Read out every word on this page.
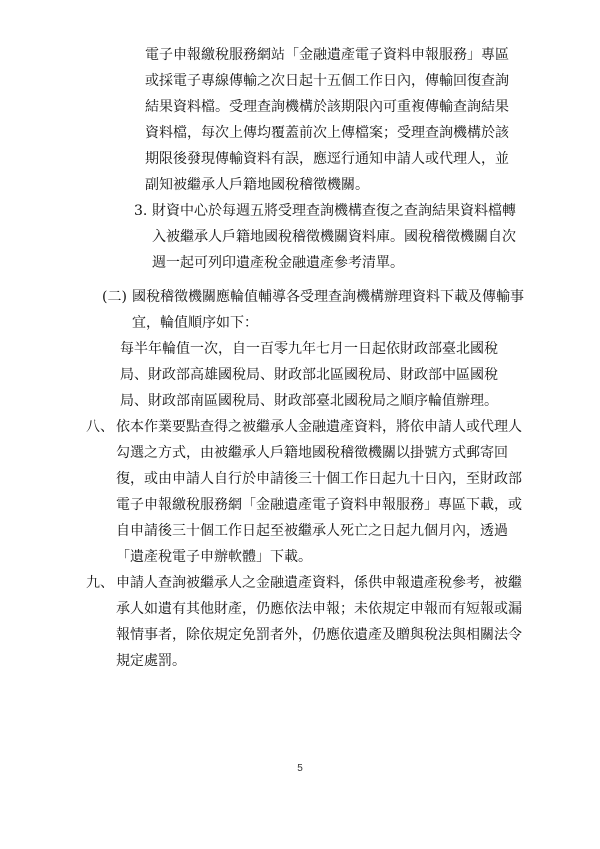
電子申報繳稅服務網站「金融遺產電子資料申報服務」專區
或採電子專線傳輸之次日起十五個工作日內，傳輸回復查詢
結果資料檔。受理查詢機構於該期限內可重複傳輸查詢結果
資料檔，每次上傳均覆蓋前次上傳檔案；受理查詢機構於該
期限後發現傳輸資料有誤，應逕行通知申請人或代理人，並
副知被繼承人戶籍地國稅稽徵機關。
3. 財資中心於每週五將受理查詢機構查復之查詢結果資料檔轉
入被繼承人戶籍地國稅稽徵機關資料庫。國稅稽徵機關自次
週一起可列印遺產稅金融遺產參考清單。
(二) 國稅稽徵機關應輪值輔導各受理查詢機構辦理資料下載及傳輸事
宜，輪值順序如下：
每半年輪值一次，自一百零九年七月一日起依財政部臺北國稅
局、財政部高雄國稅局、財政部北區國稅局、財政部中區國稅
局、財政部南區國稅局、財政部臺北國稅局之順序輪值辦理。
八、 依本作業要點查得之被繼承人金融遺產資料，將依申請人或代理人
勾選之方式，由被繼承人戶籍地國稅稽徵機關以掛號方式郵寄回
復，或由申請人自行於申請後三十個工作日起九十日內，至財政部
電子申報繳稅服務網「金融遺產電子資料申報服務」專區下載，或
自申請後三十個工作日起至被繼承人死亡之日起九個月內，透過
「遺產稅電子申辦軟體」下載。
九、 申請人查詢被繼承人之金融遺產資料，係供申報遺產稅參考，被繼
承人如遺有其他財產，仍應依法申報；未依規定申報而有短報或漏
報情事者，除依規定免罰者外，仍應依遺產及贈與稅法與相關法令
規定處罰。
5
